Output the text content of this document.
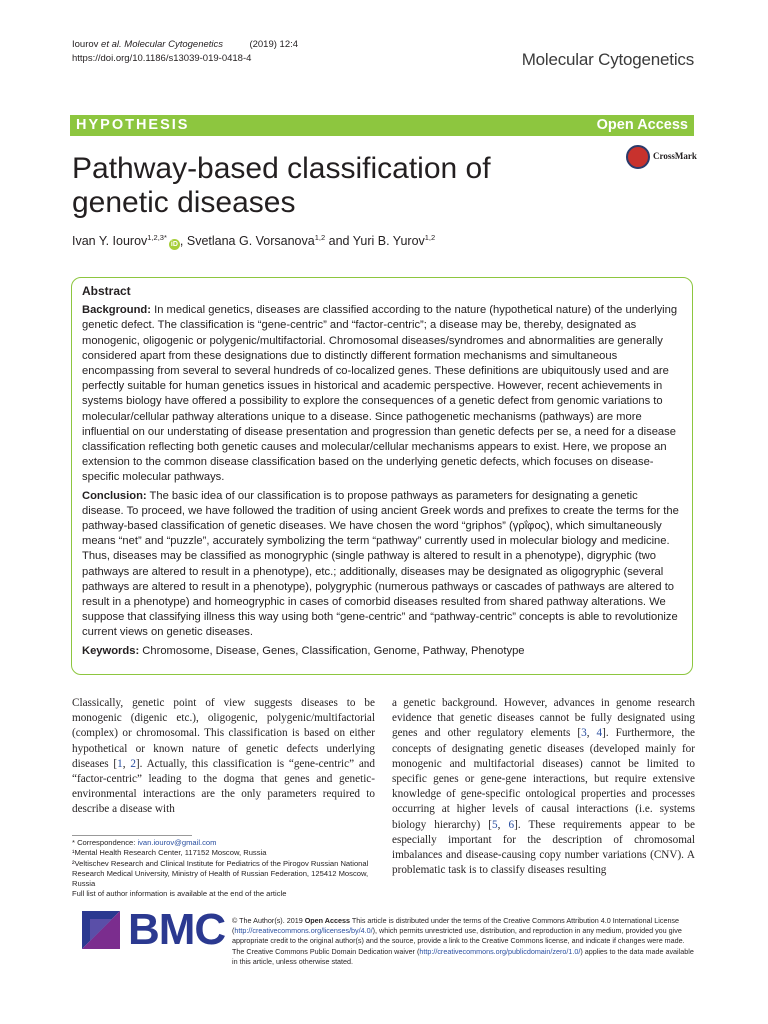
Iourov et al. Molecular Cytogenetics	(2019) 12:4
https://doi.org/10.1186/s13039-019-0418-4	Molecular Cytogenetics
HYPOTHESIS	Open Access
Pathway-based classification of genetic diseases
CrossMark
Ivan Y. Iourov$^{1,2,3*}$iD , Svetlana G. Vorsanova$^{1,2}$ and Yuri B. Yurov$^{1,2}$
Abstract

Background: In medical genetics, diseases are classified according to the nature (hypothetical nature) of the underlying genetic defect. The classification is “gene-centric” and “factor-centric”; a disease may be, thereby, designated as monogenic, oligogenic or polygenic/multifactorial. Chromosomal diseases/syndromes and abnormalities are generally considered apart from these designations due to distinctly different formation mechanisms and simultaneous encompassing from several to several hundreds of co-localized genes. These definitions are ubiquitously used and are perfectly suitable for human genetics issues in historical and academic perspective. However, recent achievements in systems biology have offered a possibility to explore the consequences of a genetic defect from genomic variations to molecular/cellular pathway alterations unique to a disease. Since pathogenetic mechanisms (pathways) are more influential on our understating of disease presentation and progression than genetic defects per se, a need for a disease classification reflecting both genetic causes and molecular/cellular mechanisms appears to exist. Here, we propose an extension to the common disease classification based on the underlying genetic defects, which focuses on disease-specific molecular pathways.

Conclusion: The basic idea of our classification is to propose pathways as parameters for designating a genetic disease. To proceed, we have followed the tradition of using ancient Greek words and prefixes to create the terms for the pathway-based classification of genetic diseases. We have chosen the word “griphos” (γρΐφος), which simultaneously means “net” and “puzzle”, accurately symbolizing the term “pathway” currently used in molecular biology and medicine. Thus, diseases may be classified as monogryphic (single pathway is altered to result in a phenotype), digryphic (two pathways are altered to result in a phenotype), etc.; additionally, diseases may be designated as oligogryphic (several pathways are altered to result in a phenotype), polygryphic (numerous pathways or cascades of pathways are altered to result in a phenotype) and homeogryphic in cases of comorbid diseases resulted from shared pathway alterations. We suppose that classifying illness this way using both “gene-centric” and “pathway-centric” concepts is able to revolutionize current views on genetic diseases.

Keywords: Chromosome, Disease, Genes, Classification, Genome, Pathway, Phenotype

Classically, genetic point of view suggests diseases to be monogenic (digenic etc.), oligogenic, polygenic/multifactorial (complex) or chromosomal. This classification is based on either hypothetical or known nature of genetic defects underlying diseases [1, 2]. Actually, this classification is “gene-centric” and “factor-centric” leading to the dogma that genes and genetic-environmental interactions are the only parameters required to describe a disease with
a genetic background. However, advances in genome research evidence that genetic diseases cannot be fully designated using genes and other regulatory elements [3, 4]. Furthermore, the concepts of designating genetic diseases (developed mainly for monogenic and multifactorial diseases) cannot be limited to specific genes or gene-gene interactions, but require extensive knowledge of gene-specific ontological properties and processes occurring at higher levels of causal interactions (i.e. systems biology hierarchy) [5, 6]. These requirements appear to be especially important for the description of chromosomal imbalances and disease-causing copy number variations (CNV). A problematic task is to classify diseases resulting
* Correspondence: ivan.iourov@gmail.com
¹Mental Health Research Center, 117152 Moscow, Russia
²Veltischev Research and Clinical Institute for Pediatrics of the Pirogov Russian National Research Medical University, Ministry of Health of Russian Federation, 125412 Moscow, Russia
Full list of author information is available at the end of the article
BMC © The Author(s). 2019 Open Access This article is distributed under the terms of the Creative Commons Attribution 4.0 International License (http://creativecommons.org/licenses/by/4.0/), which permits unrestricted use, distribution, and reproduction in any medium, provided you give appropriate credit to the original author(s) and the source, provide a link to the Creative Commons license, and indicate if changes were made. The Creative Commons Public Domain Dedication waiver (http://creativecommons.org/publicdomain/zero/1.0/) applies to the data made available in this article, unless otherwise stated.
